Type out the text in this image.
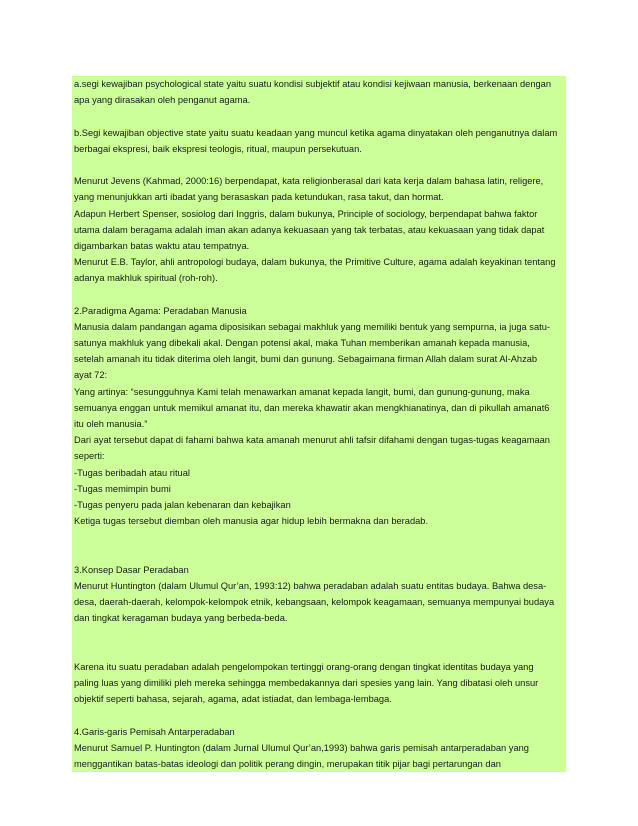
a.segi kewajiban psychological state yaitu suatu kondisi subjektif atau kondisi kejiwaan manusia, berkenaan dengan
apa yang dirasakan oleh penganut agama.
b.Segi kewajiban objective state yaitu suatu keadaan yang muncul ketika agama dinyatakan oleh penganutnya dalam
berbagai ekspresi, baik ekspresi teologis, ritual, maupun persekutuan.
Menurut Jevens (Kahmad, 2000:16) berpendapat, kata religionberasal dari kata kerja dalam bahasa latin, religere,
yang menunjukkan arti ibadat yang berasaskan pada ketundukan, rasa takut, dan hormat.
Adapun Herbert Spenser, sosiolog dari Inggris, dalam bukunya, Principle of sociology, berpendapat bahwa faktor
utama dalam beragama adalah iman akan adanya kekuasaan yang tak terbatas, atau kekuasaan yang tidak dapat
digambarkan batas waktu atau tempatnya.
Menurut E.B. Taylor, ahli antropologi budaya, dalam bukunya, the Primitive Culture, agama adalah keyakinan tentang
adanya makhluk spiritual (roh-roh).
2.Paradigma Agama: Peradaban Manusia
Manusia dalam pandangan agama diposisikan sebagai makhluk yang memiliki bentuk yang sempurna, ia juga satu-
satunya makhluk yang dibekali akal. Dengan potensi akal, maka Tuhan memberikan amanah kepada manusia,
setelah amanah itu tidak diterima oleh langit, bumi dan gunung. Sebagaimana firman Allah dalam surat Al-Ahzab
ayat 72:
Yang artinya: “sesungguhnya Kami telah menawarkan amanat kepada langit, bumi, dan gunung-gunung, maka
semuanya enggan untuk memikul amanat itu, dan mereka khawatir akan mengkhianatinya, dan di pikullah amanat6
itu oleh manusia.”
Dari ayat tersebut dapat di fahami bahwa kata amanah menurut ahli tafsir difahami dengan tugas-tugas keagamaan
seperti:
-Tugas beribadah atau ritual
-Tugas memimpin bumi
-Tugas penyeru pada jalan kebenaran dan kebajikan
Ketiga tugas tersebut diemban oleh manusia agar hidup lebih bermakna dan beradab.
3.Konsep Dasar Peradaban
Menurut Huntington (dalam Ulumul Qur’an, 1993:12) bahwa peradaban adalah suatu entitas budaya. Bahwa desa-
desa, daerah-daerah, kelompok-kelompok etnik, kebangsaan, kelompok keagamaan, semuanya mempunyai budaya
dan tingkat keragaman budaya yang berbeda-beda.
Karena itu suatu peradaban adalah pengelompokan tertinggi orang-orang dengan tingkat identitas budaya yang
paling luas yang dimiliki pleh mereka sehingga membedakannya dari spesies yang lain. Yang dibatasi oleh unsur
objektif seperti bahasa, sejarah, agama, adat istiadat, dan lembaga-lembaga.
4.Garis-garis Pemisah Antarperadaban
Menurut Samuel P. Huntington (dalam Jurnal Ulumul Qur’an,1993) bahwa garis pemisah antarperadaban yang
menggantikan batas-batas ideologi dan politik perang dingin, merupakan titik pijar bagi pertarungan dan
